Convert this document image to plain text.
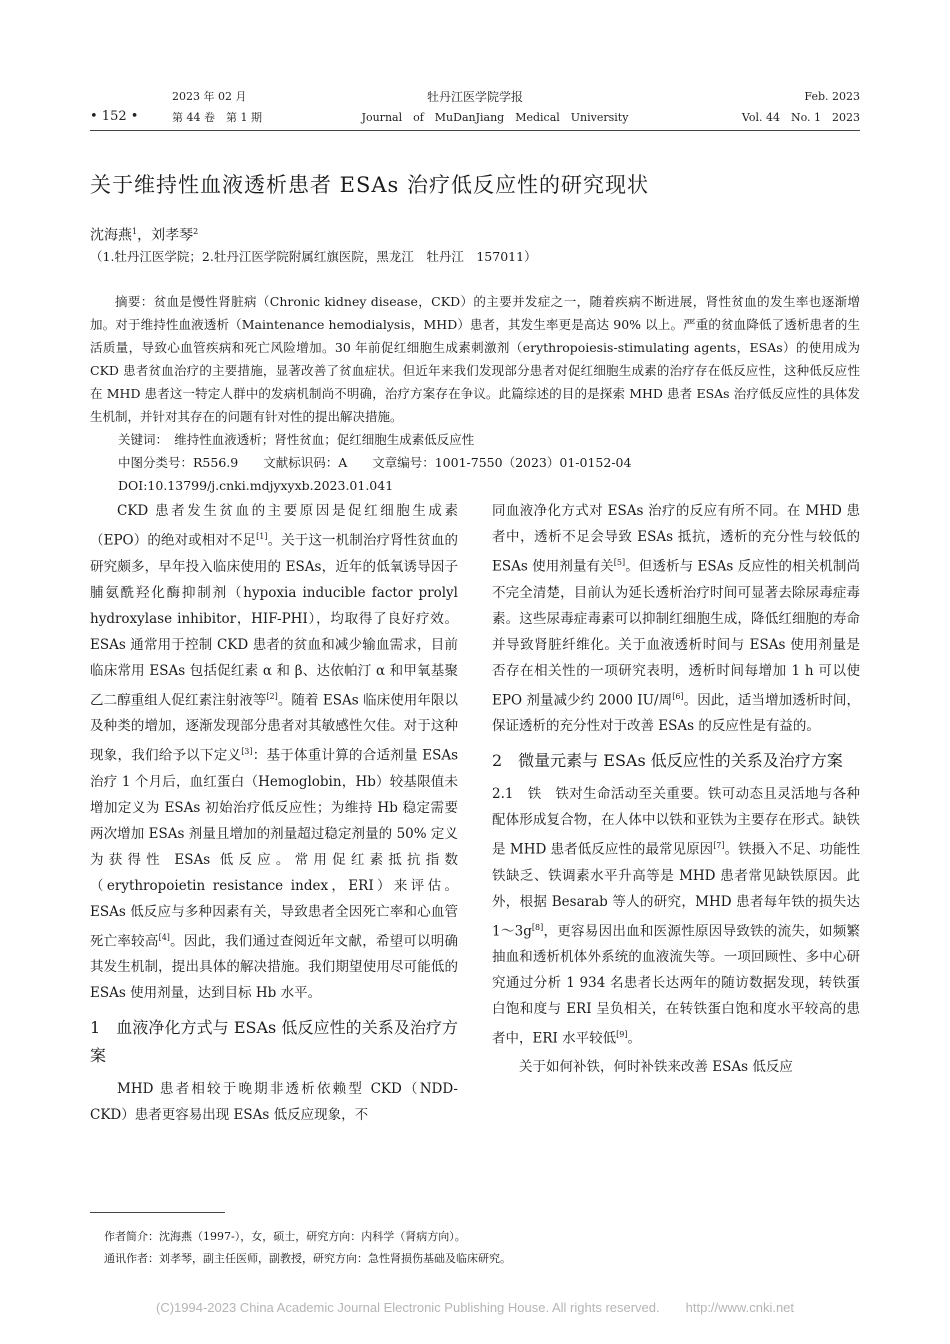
2023 年 02 月
• 152 •	第 44 卷　第 1 期
牡丹江医学院学报
Journal　of　MuDanJiang　Medical　University
Feb. 2023
Vol. 44　No. 1　2023
关于维持性血液透析患者 ESAs 治疗低反应性的研究现状
沈海燕$^1$，刘孝琴$^2$
（1.牡丹江医学院；2.牡丹江医学院附属红旗医院，黑龙江　牡丹江　157011）

摘要：贫血是慢性肾脏病（Chronic kidney disease，CKD）的主要并发症之一，随着疾病不断进展，肾性贫血的发生率也逐渐增加。对于维持性血液透析（Maintenance hemodialysis，MHD）患者，其发生率更是高达 90% 以上。严重的贫血降低了透析患者的生活质量，导致心血管疾病和死亡风险增加。30 年前促红细胞生成素刺激剂（erythropoiesis-stimulating agents，ESAs）的使用成为 CKD 患者贫血治疗的主要措施，显著改善了贫血症状。但近年来我们发现部分患者对促红细胞生成素的治疗存在低反应性，这种低反应性在 MHD 患者这一特定人群中的发病机制尚不明确，治疗方案存在争议。此篇综述的目的是探索 MHD 患者 ESAs 治疗低反应性的具体发生机制，并针对其存在的问题有针对性的提出解决措施。

关键词：　 维持性血液透析；肾性贫血；促红细胞生成素低反应性
中图分类号：R556.9　　文献标识码：A　　文章编号：1001-7550（2023）01-0152-04
DOI:10.13799/j.cnki.mdjyxyxb.2023.01.041

CKD 患者发生贫血的主要原因是促红细胞生成素（EPO）的绝对或相对不足[1]。关于这一机制治疗肾性贫血的研究颇多，早年投入临床使用的 ESAs，近年的低氧诱导因子脯氨酰羟化酶抑制剂（hypoxia inducible factor prolyl hydroxylase inhibitor，HIF-PHI），均取得了良好疗效。ESAs 通常用于控制 CKD 患者的贫血和减少输血需求，目前临床常用 ESAs 包括促红素 α 和 β、达依帕汀 α 和甲氧基聚乙二醇重组人促红素注射液等[2]。随着 ESAs 临床使用年限以及种类的增加，逐渐发现部分患者对其敏感性欠佳。对于这种现象，我们给予以下定义[3]：基于体重计算的合适剂量 ESAs 治疗 1 个月后，血红蛋白（Hemoglobin，Hb）较基限值未增加定义为 ESAs 初始治疗低反应性；为维持 Hb 稳定需要两次增加 ESAs 剂量且增加的剂量超过稳定剂量的 50% 定义为获得性 ESAs 低反应。常用促红素抵抗指数（erythropoietin resistance index，ERI）来评估。ESAs 低反应与多种因素有关，导致患者全因死亡率和心血管死亡率较高[4]。因此，我们通过查阅近年文献，希望可以明确其发生机制，提出具体的解决措施。我们期望使用尽可能低的 ESAs 使用剂量，达到目标 Hb 水平。

1　血液净化方式与 ESAs 低反应性的关系及治疗方案

MHD 患者相较于晚期非透析依赖型 CKD（NDD-CKD）患者更容易出现 ESAs 低反应现象，不

同血液净化方式对 ESAs 治疗的反应有所不同。在 MHD 患者中，透析不足会导致 ESAs 抵抗，透析的充分性与较低的 ESAs 使用剂量有关[5]。但透析与 ESAs 反应性的相关机制尚不完全清楚，目前认为延长透析治疗时间可显著去除尿毒症毒素。这些尿毒症毒素可以抑制红细胞生成，降低红细胞的寿命并导致肾脏纤维化。关于血液透析时间与 ESAs 使用剂量是否存在相关性的一项研究表明，透析时间每增加 1 h 可以使 EPO 剂量减少约 2000 IU/周[6]。因此，适当增加透析时间，保证透析的充分性对于改善 ESAs 的反应性是有益的。

2　微量元素与 ESAs 低反应性的关系及治疗方案

2.1　铁　铁对生命活动至关重要。铁可动态且灵活地与各种配体形成复合物，在人体中以铁和亚铁为主要存在形式。缺铁是 MHD 患者低反应性的最常见原因[7]。铁摄入不足、功能性铁缺乏、铁调素水平升高等是 MHD 患者常见缺铁原因。此外，根据 Besarab 等人的研究，MHD 患者每年铁的损失达 1～3g[8]，更容易因出血和医源性原因导致铁的流失，如频繁抽血和透析机体外系统的血液流失等。一项回顾性、多中心研究通过分析 1 934 名患者长达两年的随访数据发现，转铁蛋白饱和度与 ERI 呈负相关，在转铁蛋白饱和度水平较高的患者中，ERI 水平较低[9]。

关于如何补铁，何时补铁来改善 ESAs 低反应

作者简介：沈海燕（1997-），女，硕士，研究方向：内科学（肾病方向）。
通讯作者：刘孝琴，副主任医师，副教授，研究方向：急性肾损伤基础及临床研究。
(C)1994-2023 China Academic Journal Electronic Publishing House. All rights reserved.　　http://www.cnki.net
